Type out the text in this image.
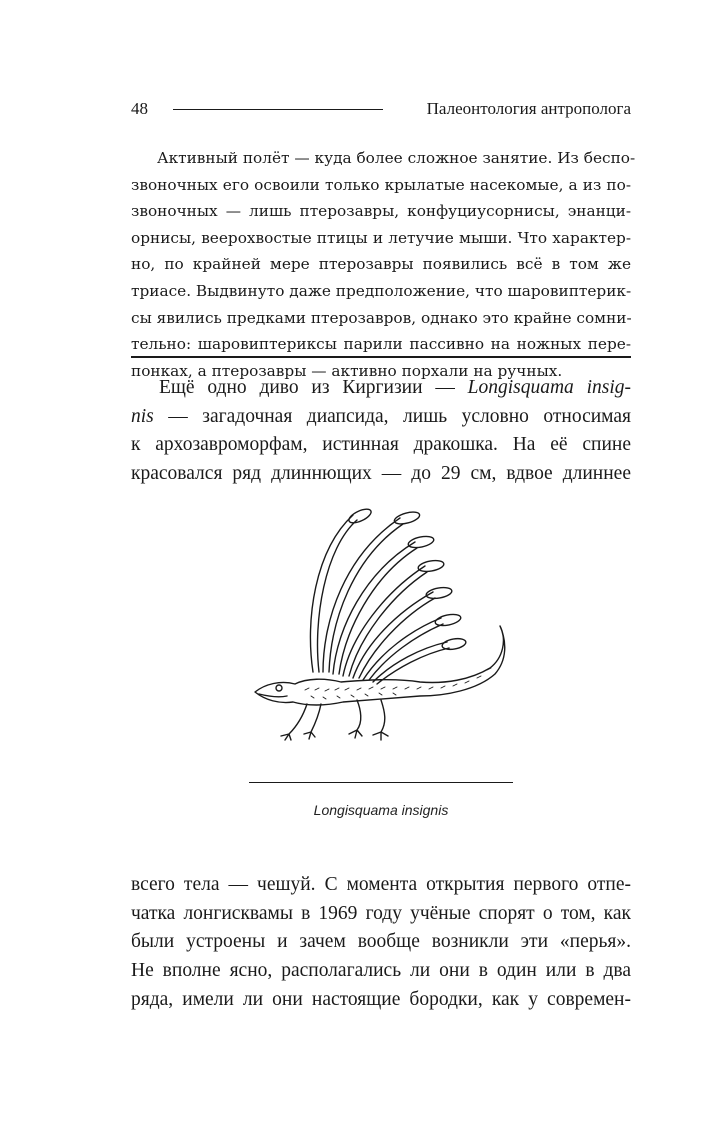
48	Палеонтология антрополога
Активный полёт — куда более сложное занятие. Из беспо-
звоночных его освоили только крылатые насекомые, а из по-
звоночных — лишь птерозавры, конфуциусорнисы, энанци-
орнисы, веерохвостые птицы и летучие мыши. Что характер-
но, по крайней мере птерозавры появились всё в том же
триасе. Выдвинуто даже предположение, что шаровиптерик-
сы явились предками птерозавров, однако это крайне сомни-
тельно: шаровиптериксы парили пассивно на ножных пере-
понках, а птерозавры — активно порхали на ручных.
Ещё одно диво из Киргизии — Longisquama insig-
nis — загадочная диапсида, лишь условно относимая
к архозавроморфам, истинная дракошка. На её спине
красовался ряд длиннющих — до 29 см, вдвое длиннее
Longisquama insignis
всего тела — чешуй. С момента открытия первого отпе-
чатка лонгисквамы в 1969 году учёные спорят о том, как
были устроены и зачем вообще возникли эти «перья».
Не вполне ясно, располагались ли они в один или в два
ряда, имели ли они настоящие бородки, как у современ-
